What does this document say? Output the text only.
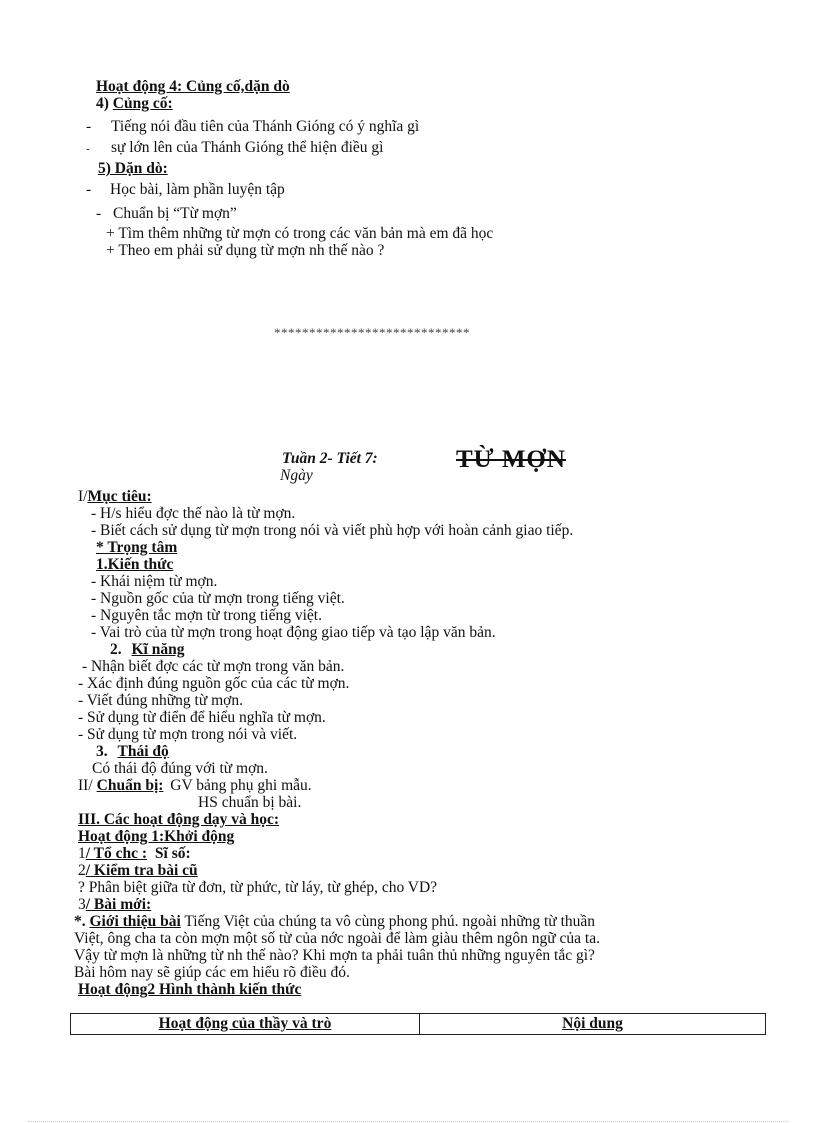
Hoạt động 4: Củng cố,dặn dò
4) Củng cố:
- Tiếng nói đầu tiên của Thánh Gióng có ý nghĩa gì
- sự lớn lên của Thánh Gióng thể hiện điều gì
5) Dặn dò:
- Học bài, làm phần luyện tập
- Chuẩn bị “Từ mợn”
+ Tìm thêm những từ mợn có trong các văn bản mà em đã học
+ Theo em phải sử dụng từ mợn nh thế nào ?
****************************
Tuần 2- Tiết 7:
Ngày
TỪ MỢN
I/Mục tiêu:
- H/s hiểu đợc thế nào là từ mợn.
- Biết cách sử dụng từ mợn trong nói và viết phù hợp với hoàn cảnh giao tiếp.
* Trọng tâm
1.Kiến thức
- Khái niệm từ mợn.
- Nguồn gốc của từ mợn trong tiếng việt.
- Nguyên tắc mợn từ trong tiếng việt.
- Vai trò của từ mợn trong hoạt động giao tiếp và tạo lập văn bản.
2. Kĩ năng
- Nhận biết đợc các từ mợn trong văn bản.
- Xác định đúng nguồn gốc của các từ mợn.
- Viết đúng những từ mợn.
- Sử dụng từ điển để hiểu nghĩa từ mợn.
- Sử dụng từ mợn trong nói và viết.
3. Thái độ
Có thái độ đúng với từ mợn.
II/ Chuẩn bị: GV bảng phụ ghi mẫu.
HS chuẩn bị bài.
III. Các hoạt động dạy và học:
Hoạt động 1:Khởi động
1/ Tổ chc : Sĩ số:
2/ Kiểm tra bài cũ
? Phân biệt giữa từ đơn, từ phức, từ láy, từ ghép, cho VD?
3/ Bài mới:
*. Giới thiệu bài Tiếng Việt của chúng ta vô cùng phong phú. ngoài những từ thuần
Việt, ông cha ta còn mợn một số từ của nớc ngoài để làm giàu thêm ngôn ngữ của ta.
Vậy từ mợn là những từ nh thế nào? Khi mợn ta phải tuân thủ những nguyên tắc gì?
Bài hôm nay sẽ giúp các em hiểu rõ điều đó.
Hoạt động2 Hình thành kiến thức
Hoạt động của thầy và trò	Nội dung
